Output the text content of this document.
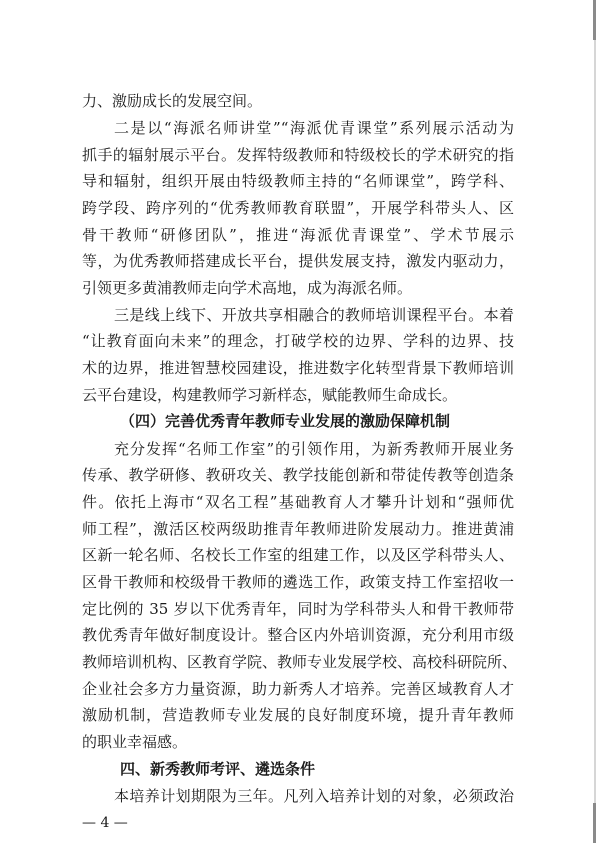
力、激励成长的发展空间。
二是以“海派名师讲堂”“海派优青课堂”系列展示活动为
抓手的辐射展示平台。发挥特级教师和特级校长的学术研究的指
导和辐射，组织开展由特级教师主持的“名师课堂”，跨学科、
跨学段、跨序列的“优秀教师教育联盟”，开展学科带头人、区
骨干教师“研修团队”，推进“海派优青课堂”、学术节展示
等，为优秀教师搭建成长平台，提供发展支持，激发内驱动力，
引领更多黄浦教师走向学术高地，成为海派名师。
三是线上线下、开放共享相融合的教师培训课程平台。本着
“让教育面向未来”的理念，打破学校的边界、学科的边界、技
术的边界，推进智慧校园建设，推进数字化转型背景下教师培训
云平台建设，构建教师学习新样态，赋能教师生命成长。
（四）完善优秀青年教师专业发展的激励保障机制
充分发挥“名师工作室”的引领作用，为新秀教师开展业务
传承、教学研修、教研攻关、教学技能创新和带徒传教等创造条
件。依托上海市“双名工程”基础教育人才攀升计划和“强师优
师工程”，激活区校两级助推青年教师进阶发展动力。推进黄浦
区新一轮名师、名校长工作室的组建工作，以及区学科带头人、
区骨干教师和校级骨干教师的遴选工作，政策支持工作室招收一
定比例的 35 岁以下优秀青年，同时为学科带头人和骨干教师带
教优秀青年做好制度设计。整合区内外培训资源，充分利用市级
教师培训机构、区教育学院、教师专业发展学校、高校科研院所、
企业社会多方力量资源，助力新秀人才培养。完善区域教育人才
激励机制，营造教师专业发展的良好制度环境，提升青年教师
的职业幸福感。
四、新秀教师考评、遴选条件
本培养计划期限为三年。凡列入培养计划的对象，必须政治
— 4 —
